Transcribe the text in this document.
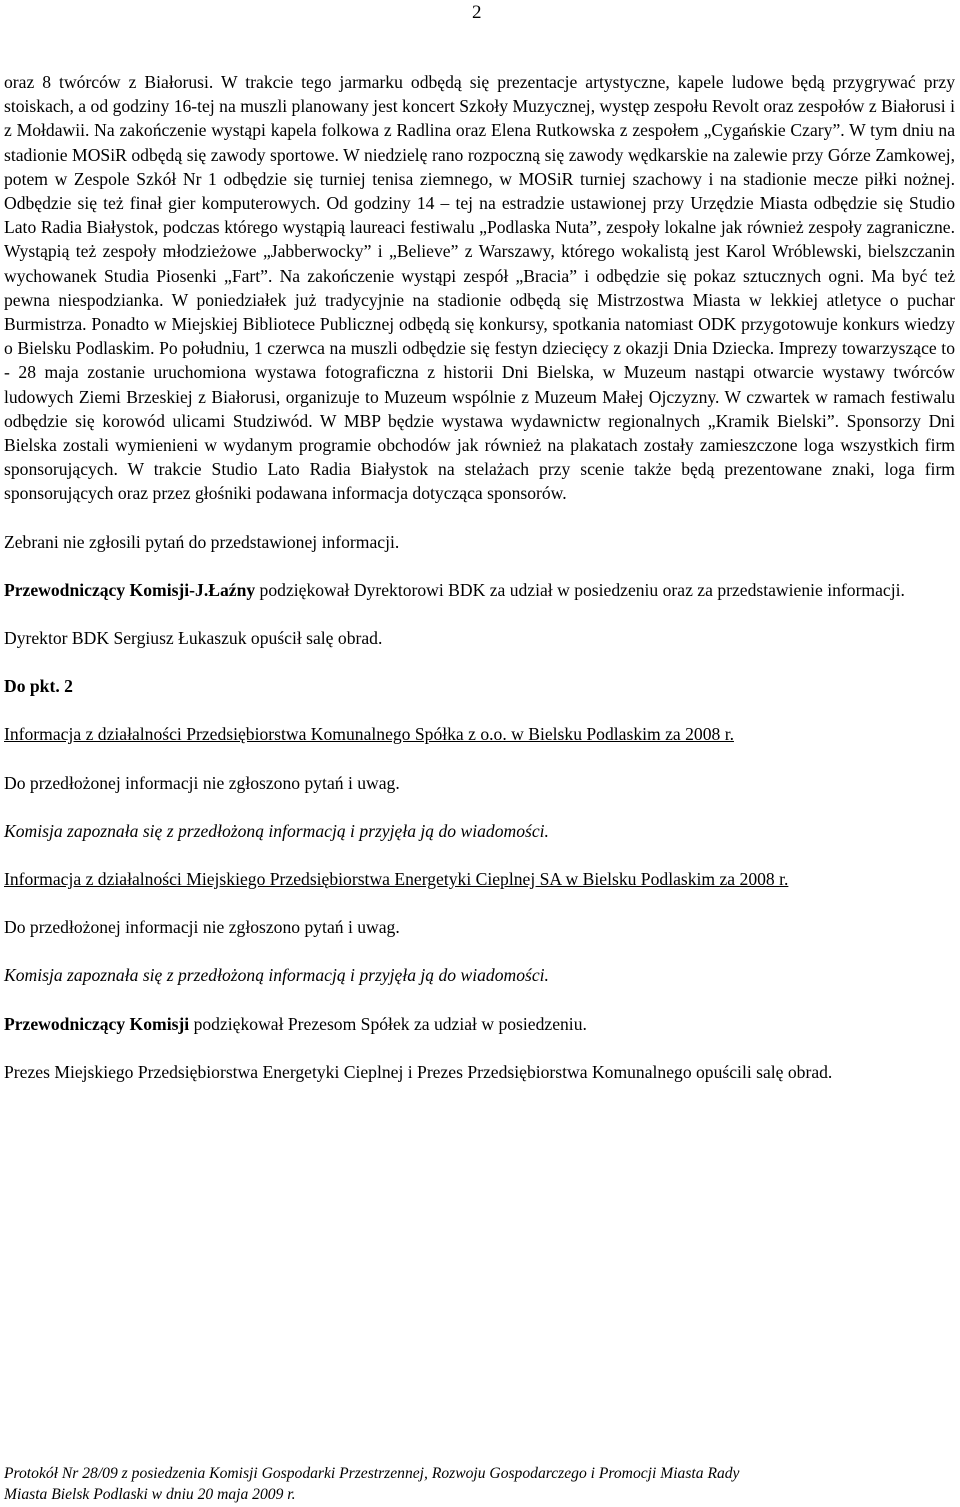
2

oraz 8 twórców z Białorusi. W trakcie tego jarmarku odbędą się prezentacje artystyczne, kapele ludowe będą przygrywać przy stoiskach, a od godziny 16-tej na muszli planowany jest koncert Szkoły Muzycznej, występ zespołu Revolt oraz zespołów z Białorusi i z Mołdawii. Na zakończenie wystąpi kapela folkowa z Radlina oraz Elena Rutkowska z zespołem „Cygańskie Czary”. W tym dniu na stadionie MOSiR odbędą się zawody sportowe. W niedzielę rano rozpoczną się zawody wędkarskie na zalewie przy Górze Zamkowej, potem w Zespole Szkół Nr 1 odbędzie się turniej tenisa ziemnego, w MOSiR turniej szachowy i na stadionie mecze piłki nożnej. Odbędzie się też finał gier komputerowych. Od godziny 14 – tej na estradzie ustawionej przy Urzędzie Miasta odbędzie się Studio Lato Radia Białystok, podczas którego wystąpią laureaci festiwalu „Podlaska Nuta”, zespoły lokalne jak również zespoły zagraniczne. Wystąpią też zespoły młodzieżowe „Jabberwocky” i „Believe” z Warszawy, którego wokalistą jest Karol Wróblewski, bielszczanin wychowanek Studia Piosenki „Fart”. Na zakończenie wystąpi zespół „Bracia” i odbędzie się pokaz sztucznych ogni. Ma być też pewna niespodzianka. W poniedziałek już tradycyjnie na stadionie odbędą się Mistrzostwa Miasta w lekkiej atletyce o puchar Burmistrza. Ponadto w Miejskiej Bibliotece Publicznej odbędą się konkursy, spotkania natomiast ODK przygotowuje konkurs wiedzy o Bielsku Podlaskim. Po południu, 1 czerwca na muszli odbędzie się festyn dziecięcy z okazji Dnia Dziecka. Imprezy towarzyszące to - 28 maja zostanie uruchomiona wystawa fotograficzna z historii Dni Bielska, w Muzeum nastąpi otwarcie wystawy twórców ludowych Ziemi Brzeskiej z Białorusi, organizuje to Muzeum wspólnie z Muzeum Małej Ojczyzny. W czwartek w ramach festiwalu odbędzie się korowód ulicami Studziwód. W MBP będzie wystawa wydawnictw regionalnych „Kramik Bielski”. Sponsorzy Dni Bielska zostali wymienieni w wydanym programie obchodów jak również na plakatach zostały zamieszczone loga wszystkich firm sponsorujących. W trakcie Studio Lato Radia Białystok na stelażach przy scenie także będą prezentowane znaki, loga firm sponsorujących oraz przez głośniki podawana informacja dotycząca sponsorów.

Zebrani nie zgłosili pytań do przedstawionej informacji.

Przewodniczący Komisji-J.Łaźny podziękował Dyrektorowi BDK za udział w posiedzeniu oraz za przedstawienie informacji.

Dyrektor BDK Sergiusz Łukaszuk opuścił salę obrad.

Do pkt. 2

Informacja z działalności Przedsiębiorstwa Komunalnego Spółka z o.o. w Bielsku Podlaskim za 2008 r.

Do przedłożonej informacji nie zgłoszono pytań i uwag.

Komisja zapoznała się z przedłożoną informacją i przyjęła ją do wiadomości.

Informacja z działalności Miejskiego Przedsiębiorstwa Energetyki Cieplnej SA w Bielsku Podlaskim za 2008 r.

Do przedłożonej informacji nie zgłoszono pytań i uwag.

Komisja zapoznała się z przedłożoną informacją i przyjęła ją do wiadomości.

Przewodniczący Komisji podziękował Prezesom Spółek za udział w posiedzeniu.

Prezes Miejskiego Przedsiębiorstwa Energetyki Cieplnej i Prezes Przedsiębiorstwa Komunalnego opuścili salę obrad.

Protokół Nr 28/09 z posiedzenia Komisji Gospodarki Przestrzennej, Rozwoju Gospodarczego i Promocji Miasta Rady
Miasta Bielsk Podlaski w dniu 20 maja 2009 r.
